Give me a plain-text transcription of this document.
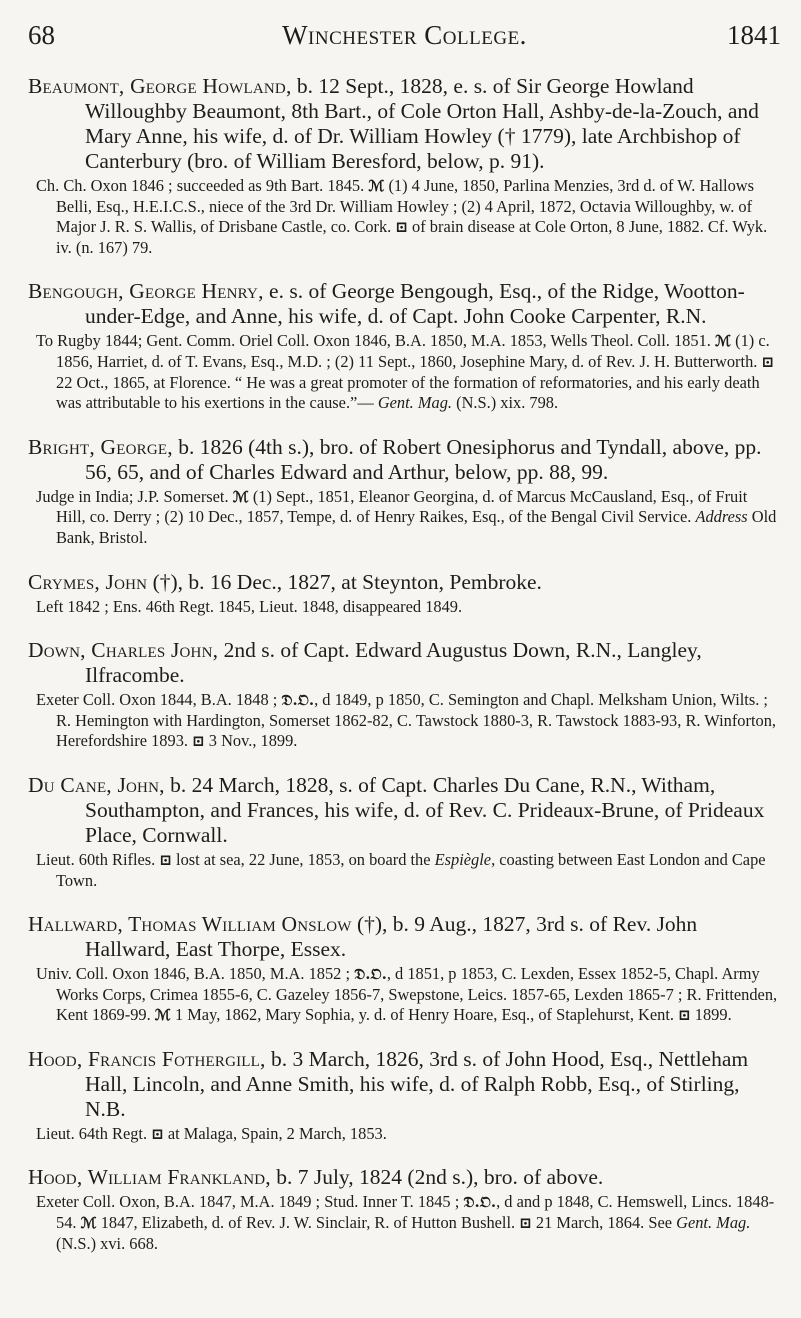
68	Winchester College.	1841

Beaumont, George Howland, b. 12 Sept., 1828, e. s. of Sir George Howland Willoughby Beaumont, 8th Bart., of Cole Orton Hall, Ashby-de-la-Zouch, and Mary Anne, his wife, d. of Dr. William Howley († 1779), late Archbishop of Canterbury (bro. of William Beresford, below, p. 91).

Ch. Ch. Oxon 1846 ; succeeded as 9th Bart. 1845. ℳ (1) 4 June, 1850, Parlina Menzies, 3rd d. of W. Hallows Belli, Esq., H.E.I.C.S., niece of the 3rd Dr. William Howley ; (2) 4 April, 1872, Octavia Willoughby, w. of Major J. R. S. Wallis, of Drisbane Castle, co. Cork. ⊡ of brain disease at Cole Orton, 8 June, 1882. Cf. Wyk. iv. (n. 167) 79.

Bengough, George Henry, e. s. of George Bengough, Esq., of the Ridge, Wootton-under-Edge, and Anne, his wife, d. of Capt. John Cooke Carpenter, R.N.

To Rugby 1844; Gent. Comm. Oriel Coll. Oxon 1846, B.A. 1850, M.A. 1853, Wells Theol. Coll. 1851. ℳ (1) c. 1856, Harriet, d. of T. Evans, Esq., M.D. ; (2) 11 Sept., 1860, Josephine Mary, d. of Rev. J. H. Butterworth. ⊡ 22 Oct., 1865, at Florence. “ He was a great promoter of the formation of reformatories, and his early death was attributable to his exertions in the cause.”— Gent. Mag. (N.S.) xix. 798.

Bright, George, b. 1826 (4th s.), bro. of Robert Onesiphorus and Tyndall, above, pp. 56, 65, and of Charles Edward and Arthur, below, pp. 88, 99.

Judge in India; J.P. Somerset. ℳ (1) Sept., 1851, Eleanor Georgina, d. of Marcus McCausland, Esq., of Fruit Hill, co. Derry ; (2) 10 Dec., 1857, Tempe, d. of Henry Raikes, Esq., of the Bengal Civil Service. Address Old Bank, Bristol.

Crymes, John (†), b. 16 Dec., 1827, at Steynton, Pembroke.

Left 1842 ; Ens. 46th Regt. 1845, Lieut. 1848, disappeared 1849.

Down, Charles John, 2nd s. of Capt. Edward Augustus Down, R.N., Langley, Ilfracombe.

Exeter Coll. Oxon 1844, B.A. 1848 ; 𝔇.𝔒., d 1849, p 1850, C. Semington and Chapl. Melksham Union, Wilts. ; R. Hemington with Hardington, Somerset 1862-82, C. Tawstock 1880-3, R. Tawstock 1883-93, R. Winforton, Herefordshire 1893. ⊡ 3 Nov., 1899.

Du Cane, John, b. 24 March, 1828, s. of Capt. Charles Du Cane, R.N., Witham, Southampton, and Frances, his wife, d. of Rev. C. Prideaux-Brune, of Prideaux Place, Cornwall.

Lieut. 60th Rifles. ⊡ lost at sea, 22 June, 1853, on board the Espiègle, coasting between East London and Cape Town.

Hallward, Thomas William Onslow (†), b. 9 Aug., 1827, 3rd s. of Rev. John Hallward, East Thorpe, Essex.

Univ. Coll. Oxon 1846, B.A. 1850, M.A. 1852 ; 𝔇.𝔒., d 1851, p 1853, C. Lexden, Essex 1852-5, Chapl. Army Works Corps, Crimea 1855-6, C. Gazeley 1856-7, Swepstone, Leics. 1857-65, Lexden 1865-7 ; R. Frittenden, Kent 1869-99. ℳ 1 May, 1862, Mary Sophia, y. d. of Henry Hoare, Esq., of Staplehurst, Kent. ⊡ 1899.

Hood, Francis Fothergill, b. 3 March, 1826, 3rd s. of John Hood, Esq., Nettleham Hall, Lincoln, and Anne Smith, his wife, d. of Ralph Robb, Esq., of Stirling, N.B.

Lieut. 64th Regt. ⊡ at Malaga, Spain, 2 March, 1853.

Hood, William Frankland, b. 7 July, 1824 (2nd s.), bro. of above.

Exeter Coll. Oxon, B.A. 1847, M.A. 1849 ; Stud. Inner T. 1845 ; 𝔇.𝔒., d and p 1848, C. Hemswell, Lincs. 1848-54. ℳ 1847, Elizabeth, d. of Rev. J. W. Sinclair, R. of Hutton Bushell. ⊡ 21 March, 1864. See Gent. Mag. (N.S.) xvi. 668.
